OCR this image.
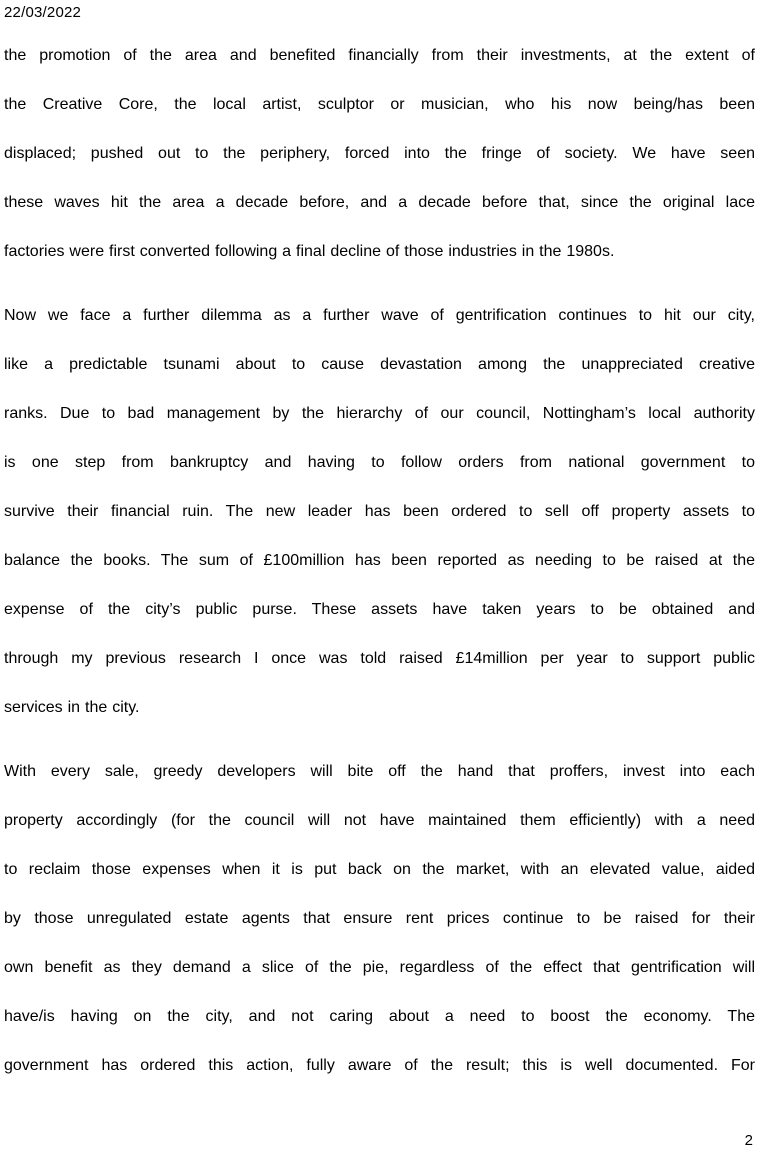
22/03/2022
the promotion of the area and benefited financially from their investments, at the extent of
the Creative Core, the local artist, sculptor or musician, who his now being/has been
displaced; pushed out to the periphery, forced into the fringe of society. We have seen
these waves hit the area a decade before, and a decade before that, since the original lace
factories were first converted following a final decline of those industries in the 1980s.
Now we face a further dilemma as a further wave of gentrification continues to hit our city,
like a predictable tsunami about to cause devastation among the unappreciated creative
ranks. Due to bad management by the hierarchy of our council, Nottingham’s local authority
is one step from bankruptcy and having to follow orders from national government to
survive their financial ruin. The new leader has been ordered to sell off property assets to
balance the books. The sum of £100million has been reported as needing to be raised at the
expense of the city’s public purse. These assets have taken years to be obtained and
through my previous research I once was told raised £14million per year to support public
services in the city.
With every sale, greedy developers will bite off the hand that proffers, invest into each
property accordingly (for the council will not have maintained them efficiently) with a need
to reclaim those expenses when it is put back on the market, with an elevated value, aided
by those unregulated estate agents that ensure rent prices continue to be raised for their
own benefit as they demand a slice of the pie, regardless of the effect that gentrification will
have/is having on the city, and not caring about a need to boost the economy. The
government has ordered this action, fully aware of the result; this is well documented. For
2
